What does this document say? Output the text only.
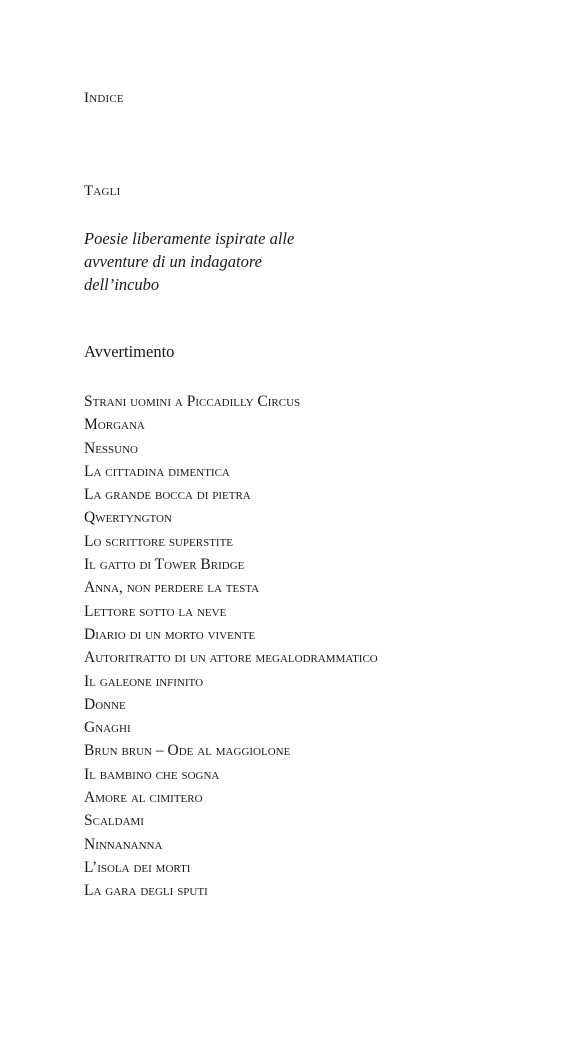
Indice
Tagli

Poesie liberamente ispirate alle
avventure di un indagatore
dell’incubo

Avvertimento

Strani uomini a Piccadilly Circus
Morgana
Nessuno
La cittadina dimentica
La grande bocca di pietra
Qwertyngton
Lo scrittore superstite
Il gatto di Tower Bridge
Anna, non perdere la testa
Lettore sotto la neve
Diario di un morto vivente
Autoritratto di un attore megalodrammatico
Il galeone infinito
Donne
Gnaghi
Brun brun – Ode al maggiolone
Il bambino che sogna
Amore al cimitero
Scaldami
Ninnananna
L’isola dei morti
La gara degli sputi
